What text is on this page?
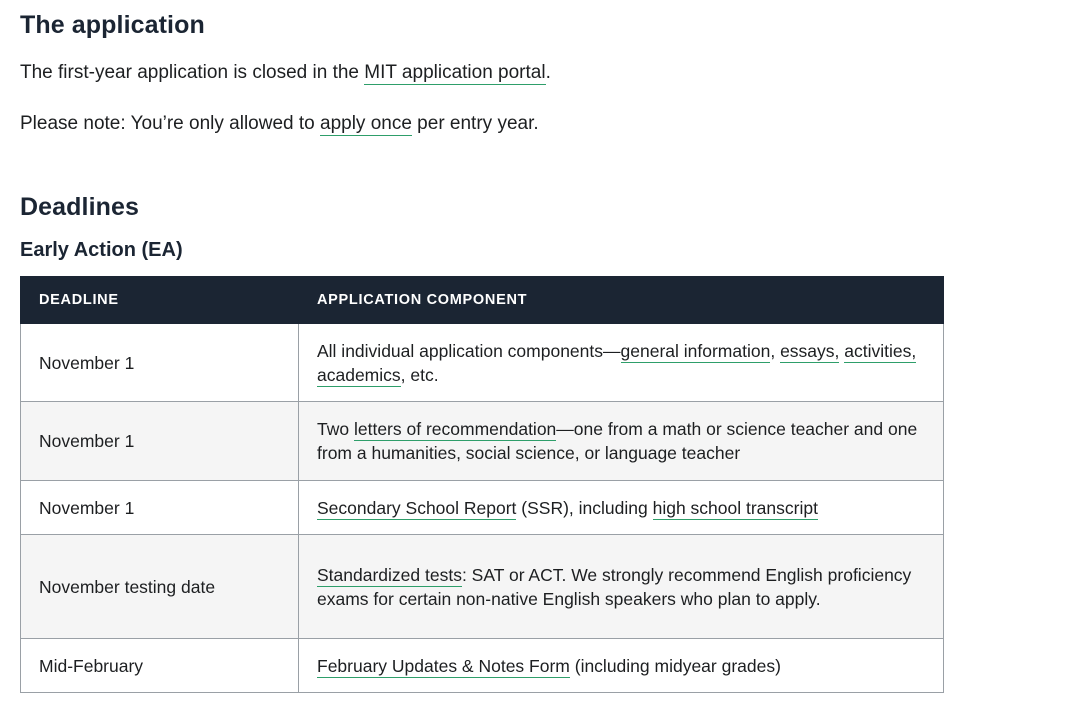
The application

The first-year application is closed in the MIT application portal.

Please note: You’re only allowed to apply once per entry year.

Deadlines
Early Action (EA)
DEADLINE	APPLICATION COMPONENT
November 1	All individual application components—general information, essays, activities, academics, etc.
November 1	Two letters of recommendation—one from a math or science teacher and one from a humanities, social science, or language teacher
November 1	Secondary School Report (SSR), including high school transcript
November testing date	Standardized tests: SAT or ACT. We strongly recommend English proficiency exams for certain non-native English speakers who plan to apply.
Mid-February	February Updates & Notes Form (including midyear grades)
